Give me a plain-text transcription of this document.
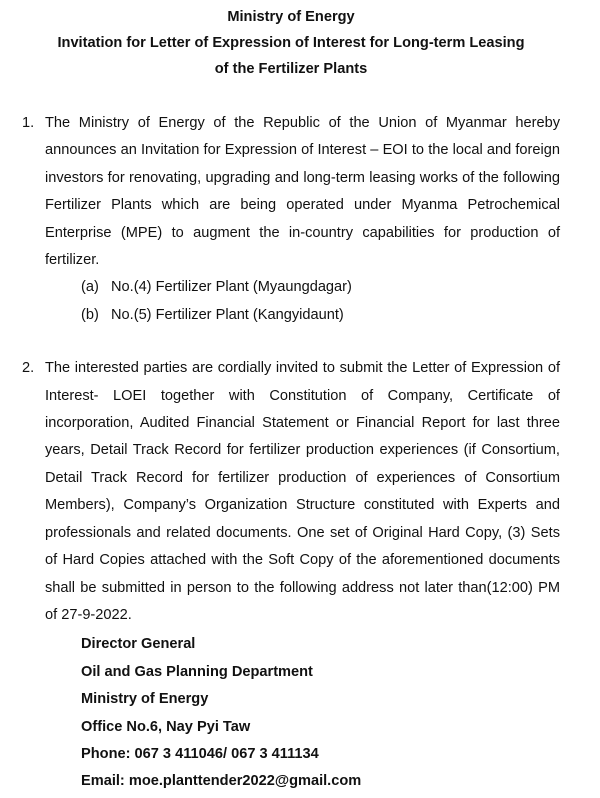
Ministry of Energy
Invitation for Letter of Expression of Interest for Long-term Leasing
of the Fertilizer Plants
1. The Ministry of Energy of the Republic of the Union of Myanmar hereby announces an Invitation for Expression of Interest – EOI to the local and foreign investors for renovating, upgrading and long-term leasing works of the following Fertilizer Plants which are being operated under Myanma Petrochemical Enterprise (MPE) to augment the in-country capabilities for production of fertilizer.
(a) No.(4) Fertilizer Plant (Myaungdagar)
(b) No.(5) Fertilizer Plant (Kangyidaunt)
2. The interested parties are cordially invited to submit the Letter of Expression of Interest- LOEI together with Constitution of Company, Certificate of incorporation, Audited Financial Statement or Financial Report for last three years, Detail Track Record for fertilizer production experiences (if Consortium, Detail Track Record for fertilizer production of experiences of Consortium Members), Company’s Organization Structure constituted with Experts and professionals and related documents. One set of Original Hard Copy, (3) Sets of Hard Copies attached with the Soft Copy of the aforementioned documents shall be submitted in person to the following address not later than(12:00) PM of 27-9-2022.
Director General
Oil and Gas Planning Department
Ministry of Energy
Office No.6, Nay Pyi Taw
Phone: 067 3 411046/ 067 3 411134
Email: moe.planttender2022@gmail.com
